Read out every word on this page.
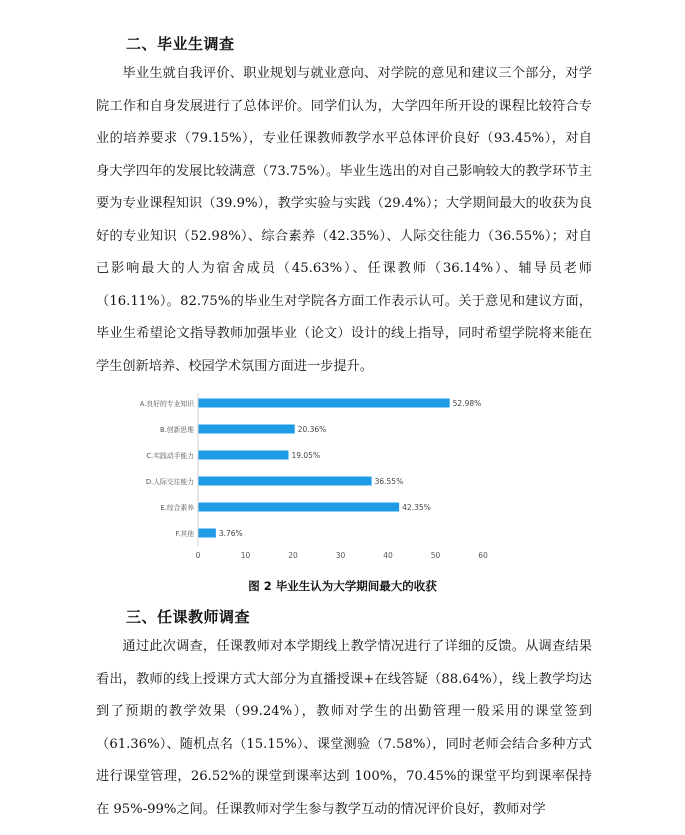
二、毕业生调查

毕业生就自我评价、职业规划与就业意向、对学院的意见和建议三个部分，对学院工作和自身发展进行了总体评价。同学们认为，大学四年所开设的课程比较符合专业的培养要求（79.15%），专业任课教师教学水平总体评价良好（93.45%），对自身大学四年的发展比较满意（73.75%）。毕业生选出的对自己影响较大的教学环节主要为专业课程知识（39.9%），教学实验与实践（29.4%）；大学期间最大的收获为良好的专业知识（52.98%）、综合素养（42.35%）、人际交往能力（36.55%）；对自己影响最大的人为宿舍成员（45.63%）、任课教师（36.14%）、辅导员老师（16.11%）。82.75%的毕业生对学院各方面工作表示认可。关于意见和建议方面，毕业生希望论文指导教师加强毕业（论文）设计的线上指导，同时希望学院将来能在学生创新培养、校园学术氛围方面进一步提升。

A.良好的专业知识
B.创新思维
C.实践动手能力
D.人际交往能力
E.综合素养
F.其他
52.98%
20.36%
19.05%
36.55%
42.35%
3.76%
0	10	20	30	40	50	60
图 2 毕业生认为大学期间最大的收获
三、任课教师调查

通过此次调查，任课教师对本学期线上教学情况进行了详细的反馈。从调查结果看出，教师的线上授课方式大部分为直播授课+在线答疑（88.64%），线上教学均达到了预期的教学效果（99.24%），教师对学生的出勤管理一般采用的课堂签到（61.36%）、随机点名（15.15%）、课堂测验（7.58%），同时老师会结合多种方式进行课堂管理，26.52%的课堂到课率达到 100%，70.45%的课堂平均到课率保持在 95%-99%之间。任课教师对学生参与教学互动的情况评价良好，教师对学
